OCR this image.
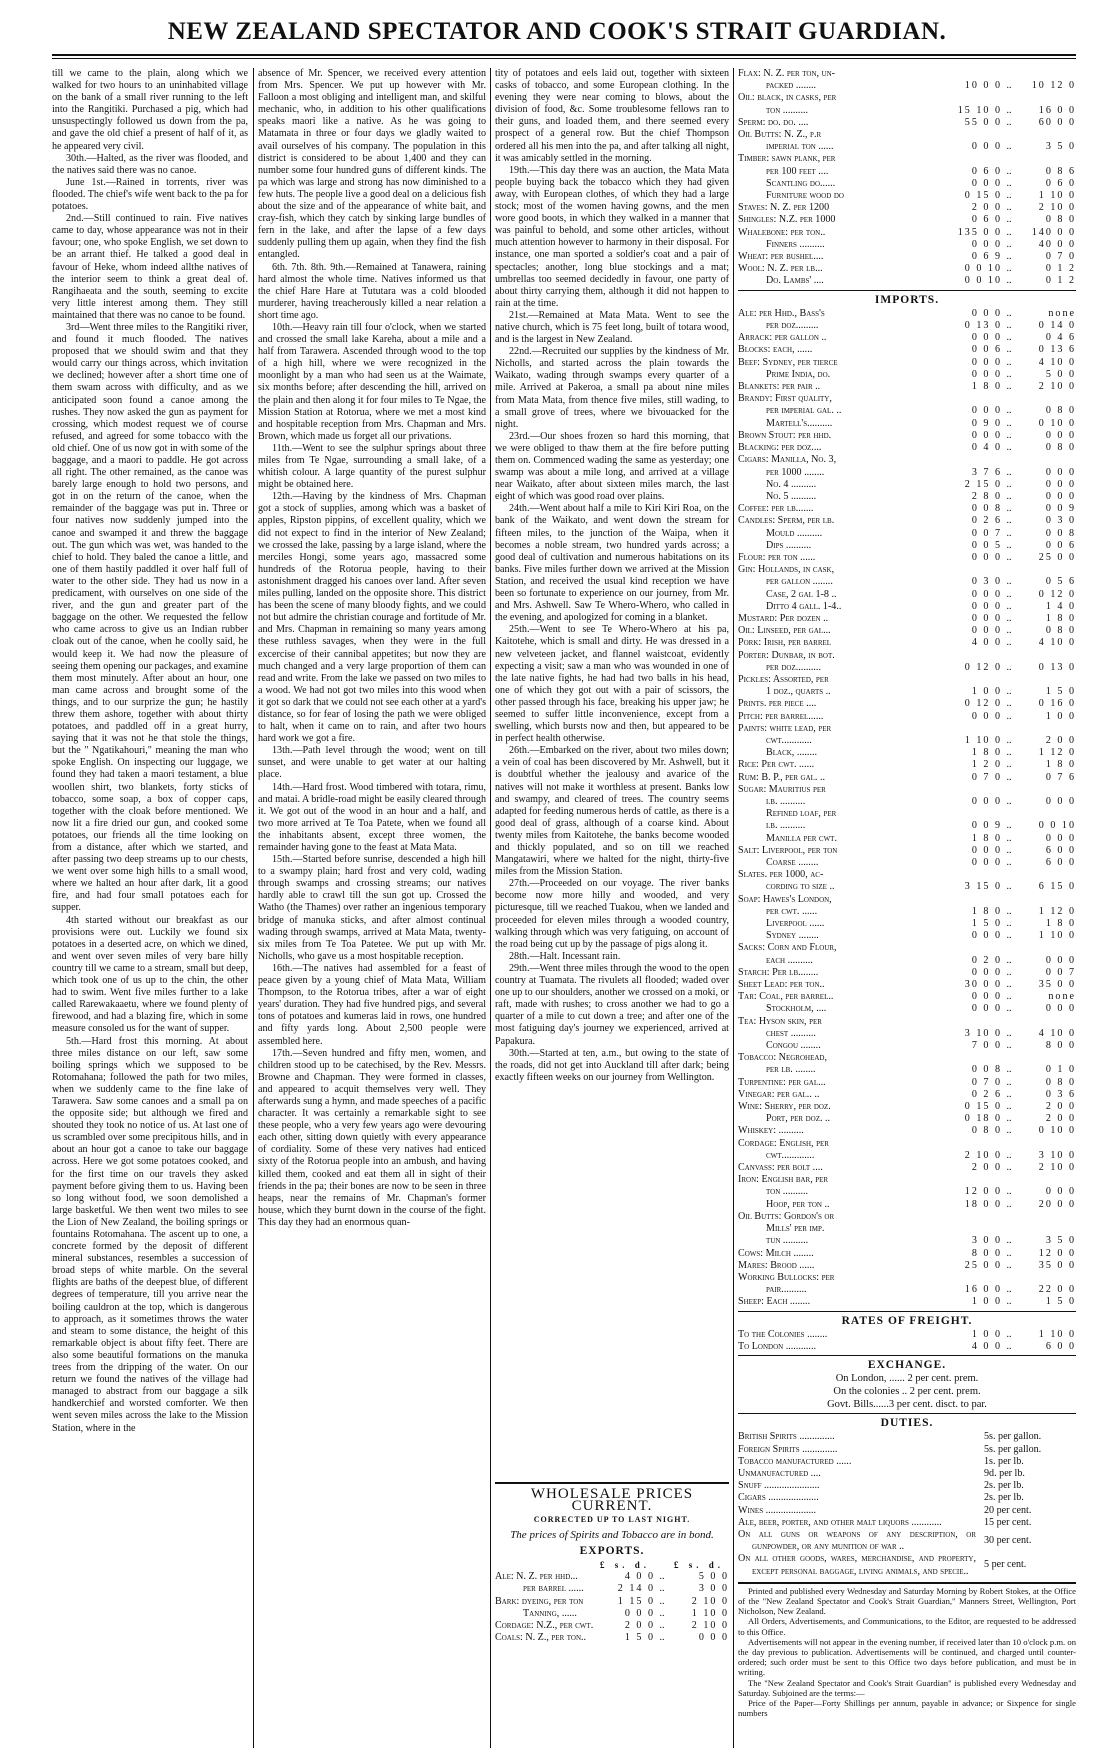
NEW ZEALAND SPECTATOR AND COOK'S STRAIT GUARDIAN.

till we came to the plain, along which we walked for two hours to an uninhabited village on the bank of a small river running to the left into the Rangitiki. Purchased a pig, which had unsuspectingly followed us down from the pa, and gave the old chief a present of half of it, as he appeared very civil.

30th.—Halted, as the river was flooded, and the natives said there was no canoe.

June 1st.—Rained in torrents, river was flooded. The chief's wife went back to the pa for potatoes.

2nd.—Still continued to rain. Five natives came to day, whose appearance was not in their favour; one, who spoke English, we set down to be an arrant thief. He talked a good deal in favour of Heke, whom indeed allthe natives of the interior seem to think a great deal of. Rangihaeata and the south, seeming to excite very little interest among them. They still maintained that there was no canoe to be found.

3rd—Went three miles to the Rangitiki river, and found it much flooded. The natives proposed that we should swim and that they would carry our things across, which invitation we declined; however after a short time one of them swam across with difficulty, and as we anticipated soon found a canoe among the rushes. They now asked the gun as payment for crossing, which modest request we of course refused, and agreed for some tobacco with the old chief. One of us now got in with some of the baggage, and a maori to paddle. He got across all right. The other remained, as the canoe was barely large enough to hold two persons, and got in on the return of the canoe, when the remainder of the baggage was put in. Three or four natives now suddenly jumped into the canoe and swamped it and threw the baggage out. The gun which was wet, was handed to the chief to hold. They baled the canoe a little, and one of them hastily paddled it over half full of water to the other side. They had us now in a predicament, with ourselves on one side of the river, and the gun and greater part of the baggage on the other. We requested the fellow who came across to give us an Indian rubber cloak out of the canoe, when he coolly said, he would keep it. We had now the pleasure of seeing them opening our packages, and examine them most minutely. After about an hour, one man came across and brought some of the things, and to our surprize the gun; he hastily threw them ashore, together with about thirty potatoes, and paddled off in a great hurry, saying that it was not he that stole the things, but the " Ngatikahouri," meaning the man who spoke English. On inspecting our luggage, we found they had taken a maori testament, a blue woollen shirt, two blankets, forty sticks of tobacco, some soap, a box of copper caps, together with the cloak before mentioned. We now lit a fire dried our gun, and cooked some potatoes, our friends all the time looking on from a distance, after which we started, and after passing two deep streams up to our chests, we went over some high hills to a small wood, where we halted an hour after dark, lit a good fire, and had four small potatoes each for supper.

4th started without our breakfast as our provisions were out. Luckily we found six potatoes in a deserted acre, on which we dined, and went over seven miles of very bare hilly country till we came to a stream, small but deep, which took one of us up to the chin, the other had to swim. Went five miles further to a lake called Rarewakaaetu, where we found plenty of firewood, and had a blazing fire, which in some measure consoled us for the want of supper.

5th.—Hard frost this morning. At about three miles distance on our left, saw some boiling springs which we supposed to be Rotomahana; followed the path for two miles, when we suddenly came to the fine lake of Tarawera. Saw some canoes and a small pa on the opposite side; but although we fired and shouted they took no notice of us. At last one of us scrambled over some precipitous hills, and in about an hour got a canoe to take our baggage across. Here we got some potatoes cooked, and for the first time on our travels they asked payment before giving them to us. Having been so long without food, we soon demolished a large basketful. We then went two miles to see the Lion of New Zealand, the boiling springs or fountains Rotomahana. The ascent up to one, a concrete formed by the deposit of different mineral substances, resembles a succession of broad steps of white marble. On the several flights are baths of the deepest blue, of different degrees of temperature, till you arrive near the boiling cauldron at the top, which is dangerous to approach, as it sometimes throws the water and steam to some distance, the height of this remarkable object is about fifty feet. There are also some beautiful formations on the manuka trees from the dripping of the water. On our return we found the natives of the village had managed to abstract from our baggage a silk handkerchief and worsted comforter. We then went seven miles across the lake to the Mission Station, where in the

absence of Mr. Spencer, we received every attention from Mrs. Spencer. We put up however with Mr. Falloon a most obliging and intelligent man, and skilful mechanic, who, in addition to his other qualifications speaks maori like a native. As he was going to Matamata in three or four days we gladly waited to avail ourselves of his company. The population in this district is considered to be about 1,400 and they can number some four hundred guns of different kinds. The pa which was large and strong has now diminished to a few huts. The people live a good deal on a delicious fish about the size and of the appearance of white bait, and cray-fish, which they catch by sinking large bundles of fern in the lake, and after the lapse of a few days suddenly pulling them up again, when they find the fish entangled.

6th. 7th. 8th. 9th.—Remained at Tanawera, raining hard almost the whole time. Natives informed us that the chief Hare Hare at Tututara was a cold blooded murderer, having treacherously killed a near relation a short time ago.

10th.—Heavy rain till four o'clock, when we started and crossed the small lake Kareha, about a mile and a half from Tarawera. Ascended through wood to the top of a high hill, where we were recognized in the moonlight by a man who had seen us at the Waimate, six months before; after descending the hill, arrived on the plain and then along it for four miles to Te Ngae, the Mission Station at Rotorua, where we met a most kind and hospitable reception from Mrs. Chapman and Mrs. Brown, which made us forget all our privations.

11th.—Went to see the sulphur springs about three miles from Te Ngae, surrounding a small lake, of a whitish colour. A large quantity of the purest sulphur might be obtained here.

12th.—Having by the kindness of Mrs. Chapman got a stock of supplies, among which was a basket of apples, Ripston pippins, of excellent quality, which we did not expect to find in the interior of New Zealand; we crossed the lake, passing by a large island, where the merciles Hongi, some years ago, massacred some hundreds of the Rotorua people, having to their astonishment dragged his canoes over land. After seven miles pulling, landed on the opposite shore. This district has been the scene of many bloody fights, and we could not but admire the christian courage and fortitude of Mr. and Mrs. Chapman in remaining so many years among these ruthless savages, when they were in the full excercise of their cannibal appetites; but now they are much changed and a very large proportion of them can read and write. From the lake we passed on two miles to a wood. We had not got two miles into this wood when it got so dark that we could not see each other at a yard's distance, so for fear of losing the path we were obliged to halt, when it came on to rain, and after two hours hard work we got a fire.

13th.—Path level through the wood; went on till sunset, and were unable to get water at our halting place.

14th.—Hard frost. Wood timbered with totara, rimu, and matai. A bridle-road might be easily cleared through it. We got out of the wood in an hour and a half, and two more arrived at Te Toa Patete, when we found all the inhabitants absent, except three women, the remainder having gone to the feast at Mata Mata.

15th.—Started before sunrise, descended a high hill to a swampy plain; hard frost and very cold, wading through swamps and crossing streams; our natives hardly able to crawl till the sun got up. Crossed the Watho (the Thames) over rather an ingenious temporary bridge of manuka sticks, and after almost continual wading through swamps, arrived at Mata Mata, twenty-six miles from Te Toa Patetee. We put up with Mr. Nicholls, who gave us a most hospitable reception.

16th.—The natives had assembled for a feast of peace given by a young chief of Mata Mata, William Thompson, to the Rotorua tribes, after a war of eight years' duration. They had five hundred pigs, and several tons of potatoes and kumeras laid in rows, one hundred and fifty yards long. About 2,500 people were assembled here.

17th.—Seven hundred and fifty men, women, and children stood up to be catechised, by the Rev. Messrs. Browne and Chapman. They were formed in classes, and appeared to acquit themselves very well. They afterwards sung a hymn, and made speeches of a pacific character. It was certainly a remarkable sight to see these people, who a very few years ago were devouring each other, sitting down quietly with every appearance of cordiality. Some of these very natives had enticed sixty of the Rotorua people into an ambush, and having killed them, cooked and eat them all in sight of their friends in the pa; their bones are now to be seen in three heaps, near the remains of Mr. Chapman's former house, which they burnt down in the course of the fight. This day they had an enormous quan-

tity of potatoes and eels laid out, together with sixteen casks of tobacco, and some European clothing. In the evening they were near coming to blows, about the division of food, &c. Some troublesome fellows ran to their guns, and loaded them, and there seemed every prospect of a general row. But the chief Thompson ordered all his men into the pa, and after talking all night, it was amicably settled in the morning.

19th.—This day there was an auction, the Mata Mata people buying back the tobacco which they had given away, with European clothes, of which they had a large stock; most of the women having gowns, and the men wore good boots, in which they walked in a manner that was painful to behold, and some other articles, without much attention however to harmony in their disposal. For instance, one man sported a soldier's coat and a pair of spectacles; another, long blue stockings and a mat; umbrellas too seemed decidedly in favour, one party of about thirty carrying them, although it did not happen to rain at the time.

21st.—Remained at Mata Mata. Went to see the native church, which is 75 feet long, built of totara wood, and is the largest in New Zealand.

22nd.—Recruited our supplies by the kindness of Mr. Nicholls, and started across the plain towards the Waikato, wading through swamps every quarter of a mile. Arrived at Pakeroa, a small pa about nine miles from Mata Mata, from thence five miles, still wading, to a small grove of trees, where we bivouacked for the night.

23rd.—Our shoes frozen so hard this morning, that we were obliged to thaw them at the fire before putting them on. Commenced wading the same as yesterday; one swamp was about a mile long, and arrived at a village near Waikato, after about sixteen miles march, the last eight of which was good road over plains.

24th.—Went about half a mile to Kiri Kiri Roa, on the bank of the Waikato, and went down the stream for fifteen miles, to the junction of the Waipa, when it becomes a noble stream, two hundred yards across; a good deal of cultivation and numerous habitations on its banks. Five miles further down we arrived at the Mission Station, and received the usual kind reception we have been so fortunate to experience on our journey, from Mr. and Mrs. Ashwell. Saw Te Whero-Whero, who called in the evening, and apologized for coming in a blanket.

25th.—Went to see Te Whero-Whero at his pa, Kaitotehe, which is small and dirty. He was dressed in a new velveteen jacket, and flannel waistcoat, evidently expecting a visit; saw a man who was wounded in one of the late native fights, he had had two balls in his head, one of which they got out with a pair of scissors, the other passed through his face, breaking his upper jaw; he seemed to suffer little inconvenience, except from a swelling, which bursts now and then, but appeared to be in perfect health otherwise.

26th.—Embarked on the river, about two miles down; a vein of coal has been discovered by Mr. Ashwell, but it is doubtful whether the jealousy and avarice of the natives will not make it worthless at present. Banks low and swampy, and cleared of trees. The country seems adapted for feeding numerous herds of cattle, as there is a good deal of grass, although of a coarse kind. About twenty miles from Kaitotehe, the banks become wooded and thickly populated, and so on till we reached Mangatawiri, where we halted for the night, thirty-five miles from the Mission Station.

27th.—Proceeded on our voyage. The river banks become now more hilly and wooded, and very picturesque, till we reached Tuakou, when we landed and proceeded for eleven miles through a wooded country, walking through which was very fatiguing, on account of the road being cut up by the passage of pigs along it.

28th.—Halt. Incessant rain.

29th.—Went three miles through the wood to the open country at Tuamata. The rivulets all flooded; waded over one up to our shoulders, another we crossed on a moki, or raft, made with rushes; to cross another we had to go a quarter of a mile to cut down a tree; and after one of the most fatiguing day's journey we experienced, arrived at Papakura.

30th.—Started at ten, a.m., but owing to the state of the roads, did not get into Auckland till after dark; being exactly fifteen weeks on our journey from Wellington.

WHOLESALE PRICES CURRENT.
CORRECTED UP TO LAST NIGHT.
The prices of Spirits and Tobacco are in bond.
EXPORTS.
£ s. d.	£ s. d.
Ale: N. Z. per hhd...	4 0 0 ..	5 0 0
per barrel ......	2 14 0 ..	3 0 0
Bark: dyeing, per ton	1 15 0 ..	2 10 0
Tanning, ......	0 0 0 ..	1 10 0
Cordage: N.Z., per cwt.	2 0 0 ..	2 10 0
Coals: N. Z., per ton..	1 5 0 ..	0 0 0
Flax: N. Z. per ton, un-
packed ........	10 0 0 ..	10 12 0
Oil: black, in casks, per
ton ..........	15 10 0 ..	16 0 0
Sperm: do. do. ....	55 0 0 ..	60 0 0
Oil Butts: N. Z., p.r
imperial ton ......	0 0 0 ..	3 5 0
Timber: sawn plank, per
per 100 feet ....	0 6 0 ..	0 8 6
Scantling do......	0 0 0 ..	0 6 0
Furniture wood do	0 15 0 ..	1 10 0
Staves: N. Z. per 1200	2 0 0 ..	2 10 0
Shingles: N.Z. per 1000	0 6 0 ..	0 8 0
Whalebone: per ton..	135 0 0 ..	140 0 0
Finners ..........	0 0 0 ..	40 0 0
Wheat: per bushel....	0 6 9 ..	0 7 0
Wool: N. Z. per lb...	0 0 10 ..	0 1 2
Do. Lambs' ....	0 0 10 ..	0 1 2
IMPORTS.
Ale: per Hhd., Bass's	0 0 0 ..	none
per doz.........	0 13 0 ..	0 14 0
Arrack: per gallon ..	0 0 0 ..	0 4 6
Blocks: each, ......	0 0 6 ..	0 13 6
Beef: Sydney, per tierce	0 0 0 ..	4 10 0
Prime India, do.	0 0 0 ..	5 0 0
Blankets: per pair ..	1 8 0 ..	2 10 0
Brandy: First quality,
per imperial gal. ..	0 0 0 ..	0 8 0
Martell's..........	0 9 0 ..	0 10 0
Brown Stout: per hhd.	0 0 0 ..	0 0 0
Blacking: per doz....	0 4 0 ..	0 8 0
Cigars: Manilla, No. 3,
per 1000 ........	3 7 6 ..	0 0 0
No. 4 ..........	2 15 0 ..	0 0 0
No. 5 ..........	2 8 0 ..	0 0 0
Coffee: per lb.......	0 0 8 ..	0 0 9
Candles: Sperm, per lb.	0 2 6 ..	0 3 0
Mould ..........	0 0 7 ..	0 0 8
Dips ..........	0 0 5 ..	0 0 6
Flour: per ton ......	0 0 0 ..	25 0 0
Gin: Hollands, in cask,
per gallon ........	0 3 0 ..	0 5 6
Case, 2 gal 1-8 ..	0 0 0 ..	0 12 0
Ditto 4 gall. 1-4..	0 0 0 ..	1 4 0
Mustard: Per dozen ..	0 0 0 ..	1 8 0
Oil: Linseed, per gal...	0 0 0 ..	0 8 0
Pork: Irish, per barrel	4 0 0 ..	4 10 0
Porter: Dunbar, in bot.
per doz..........	0 12 0 ..	0 13 0
Pickles: Assorted, per
1 doz., quarts ..	1 0 0 ..	1 5 0
Prints. per piece ....	0 12 0 ..	0 16 0
Pitch: per barrel......	0 0 0 ..	1 0 0
Paints: white lead, per
cwt............	1 10 0 ..	2 0 0
Black, ........	1 8 0 ..	1 12 0
Rice: Per cwt. ......	1 2 0 ..	1 8 0
Rum: B. P., per gal. ..	0 7 0 ..	0 7 6
Sugar: Mauritius per
lb. ..........	0 0 0 ..	0 0 0
Refined loaf, per
lb. ..........	0 0 9 ..	0 0 10
Manilla per cwt.	1 8 0 ..	0 0 0
Salt: Liverpool, per ton	0 0 0 ..	6 0 0
Coarse ........	0 0 0 ..	6 0 0
Slates. per 1000, ac-
cording to size ..	3 15 0 ..	6 15 0
Soap: Hawes's London,
per cwt. ......	1 8 0 ..	1 12 0
Liverpool ......	1 5 0 ..	1 8 0
Sydney ........	0 0 0 ..	1 10 0
Sacks: Corn and Flour,
each ..........	0 2 0 ..	0 0 0
Starch: Per lb........	0 0 0 ..	0 0 7
Sheet Lead: per ton..	30 0 0 ..	35 0 0
Tar: Coal, per barrel..	0 0 0 ..	none
Stockholm, ....	0 0 0 ..	0 0 0
Tea: Hyson skin, per
chest ..........	3 10 0 ..	4 10 0
Congou ........	7 0 0 ..	8 0 0
Tobacco: Negrohead,
per lb. ........	0 0 8 ..	0 1 0
Turpentine: per gal...	0 7 0 ..	0 8 0
Vinegar: per gal.. ..	0 2 6 ..	0 3 6
Wine: Sherry, per doz.	0 15 0 ..	2 0 0
Port, per doz. ..	0 18 0 ..	2 0 0
Whiskey: ..........	0 8 0 ..	0 10 0
Cordage: English, per
cwt.............	2 10 0 ..	3 10 0
Canvass: per bolt ....	2 0 0 ..	2 10 0
Iron: English bar, per
ton ..........	12 0 0 ..	0 0 0
Hoop, per ton ..	18 0 0 ..	20 0 0
Oil Butts: Gordon's or
Mills' per imp.
tun ..........	3 0 0 ..	3 5 0
Cows: Milch ........	8 0 0 ..	12 0 0
Mares: Brood ......	25 0 0 ..	35 0 0
Working Bullocks: per
pair..........	16 0 0 ..	22 0 0
Sheep: Each ........	1 0 0 ..	1 5 0
RATES OF FREIGHT.
To the Colonies ........	1 0 0 ..	1 10 0
To London ............	4 0 0 ..	6 0 0
EXCHANGE.
On London, ...... 2 per cent. prem.
On the colonies .. 2 per cent. prem.
Govt. Bills......3 per cent. disct. to par.
DUTIES.
British Spirits ..............	5s. per gallon.
Foreign Spirits ..............	5s. per gallon.
Tobacco manufactured ......	1s. per lb.
Unmanufactured ....	9d. per lb.
Snuff ......................	2s. per lb.
Cigars ....................	2s. per lb.
Wines ....................	20 per cent.
Ale, beer, porter, and other malt liquors ............	15 per cent.
On all guns or weapons of any description, or gunpowder, or any munition of war ..
30 per cent.
On all other goods, wares, merchandise, and property, except personal baggage, living animals, and specie..
5 per cent.

Printed and published every Wednesday and Saturday Morning by Robert Stokes, at the Office of the "New Zealand Spectator and Cook's Strait Guardian," Manners Street, Wellington, Port Nicholson, New Zealand.

All Orders, Advertisements, and Communications, to the Editor, are requested to be addressed to this Office.

Advertisements will not appear in the evening number, if received later than 10 o'clock p.m. on the day previous to publication. Advertisements will be continued, and charged until counter-ordered; such order must be sent to this Office two days before publication, and must be in writing.

The "New Zealand Spectator and Cook's Strait Guardian" is published every Wednesday and Saturday. Subjoined are the terms:—

Price of the Paper—Forty Shillings per annum, payable in advance; or Sixpence for single numbers
